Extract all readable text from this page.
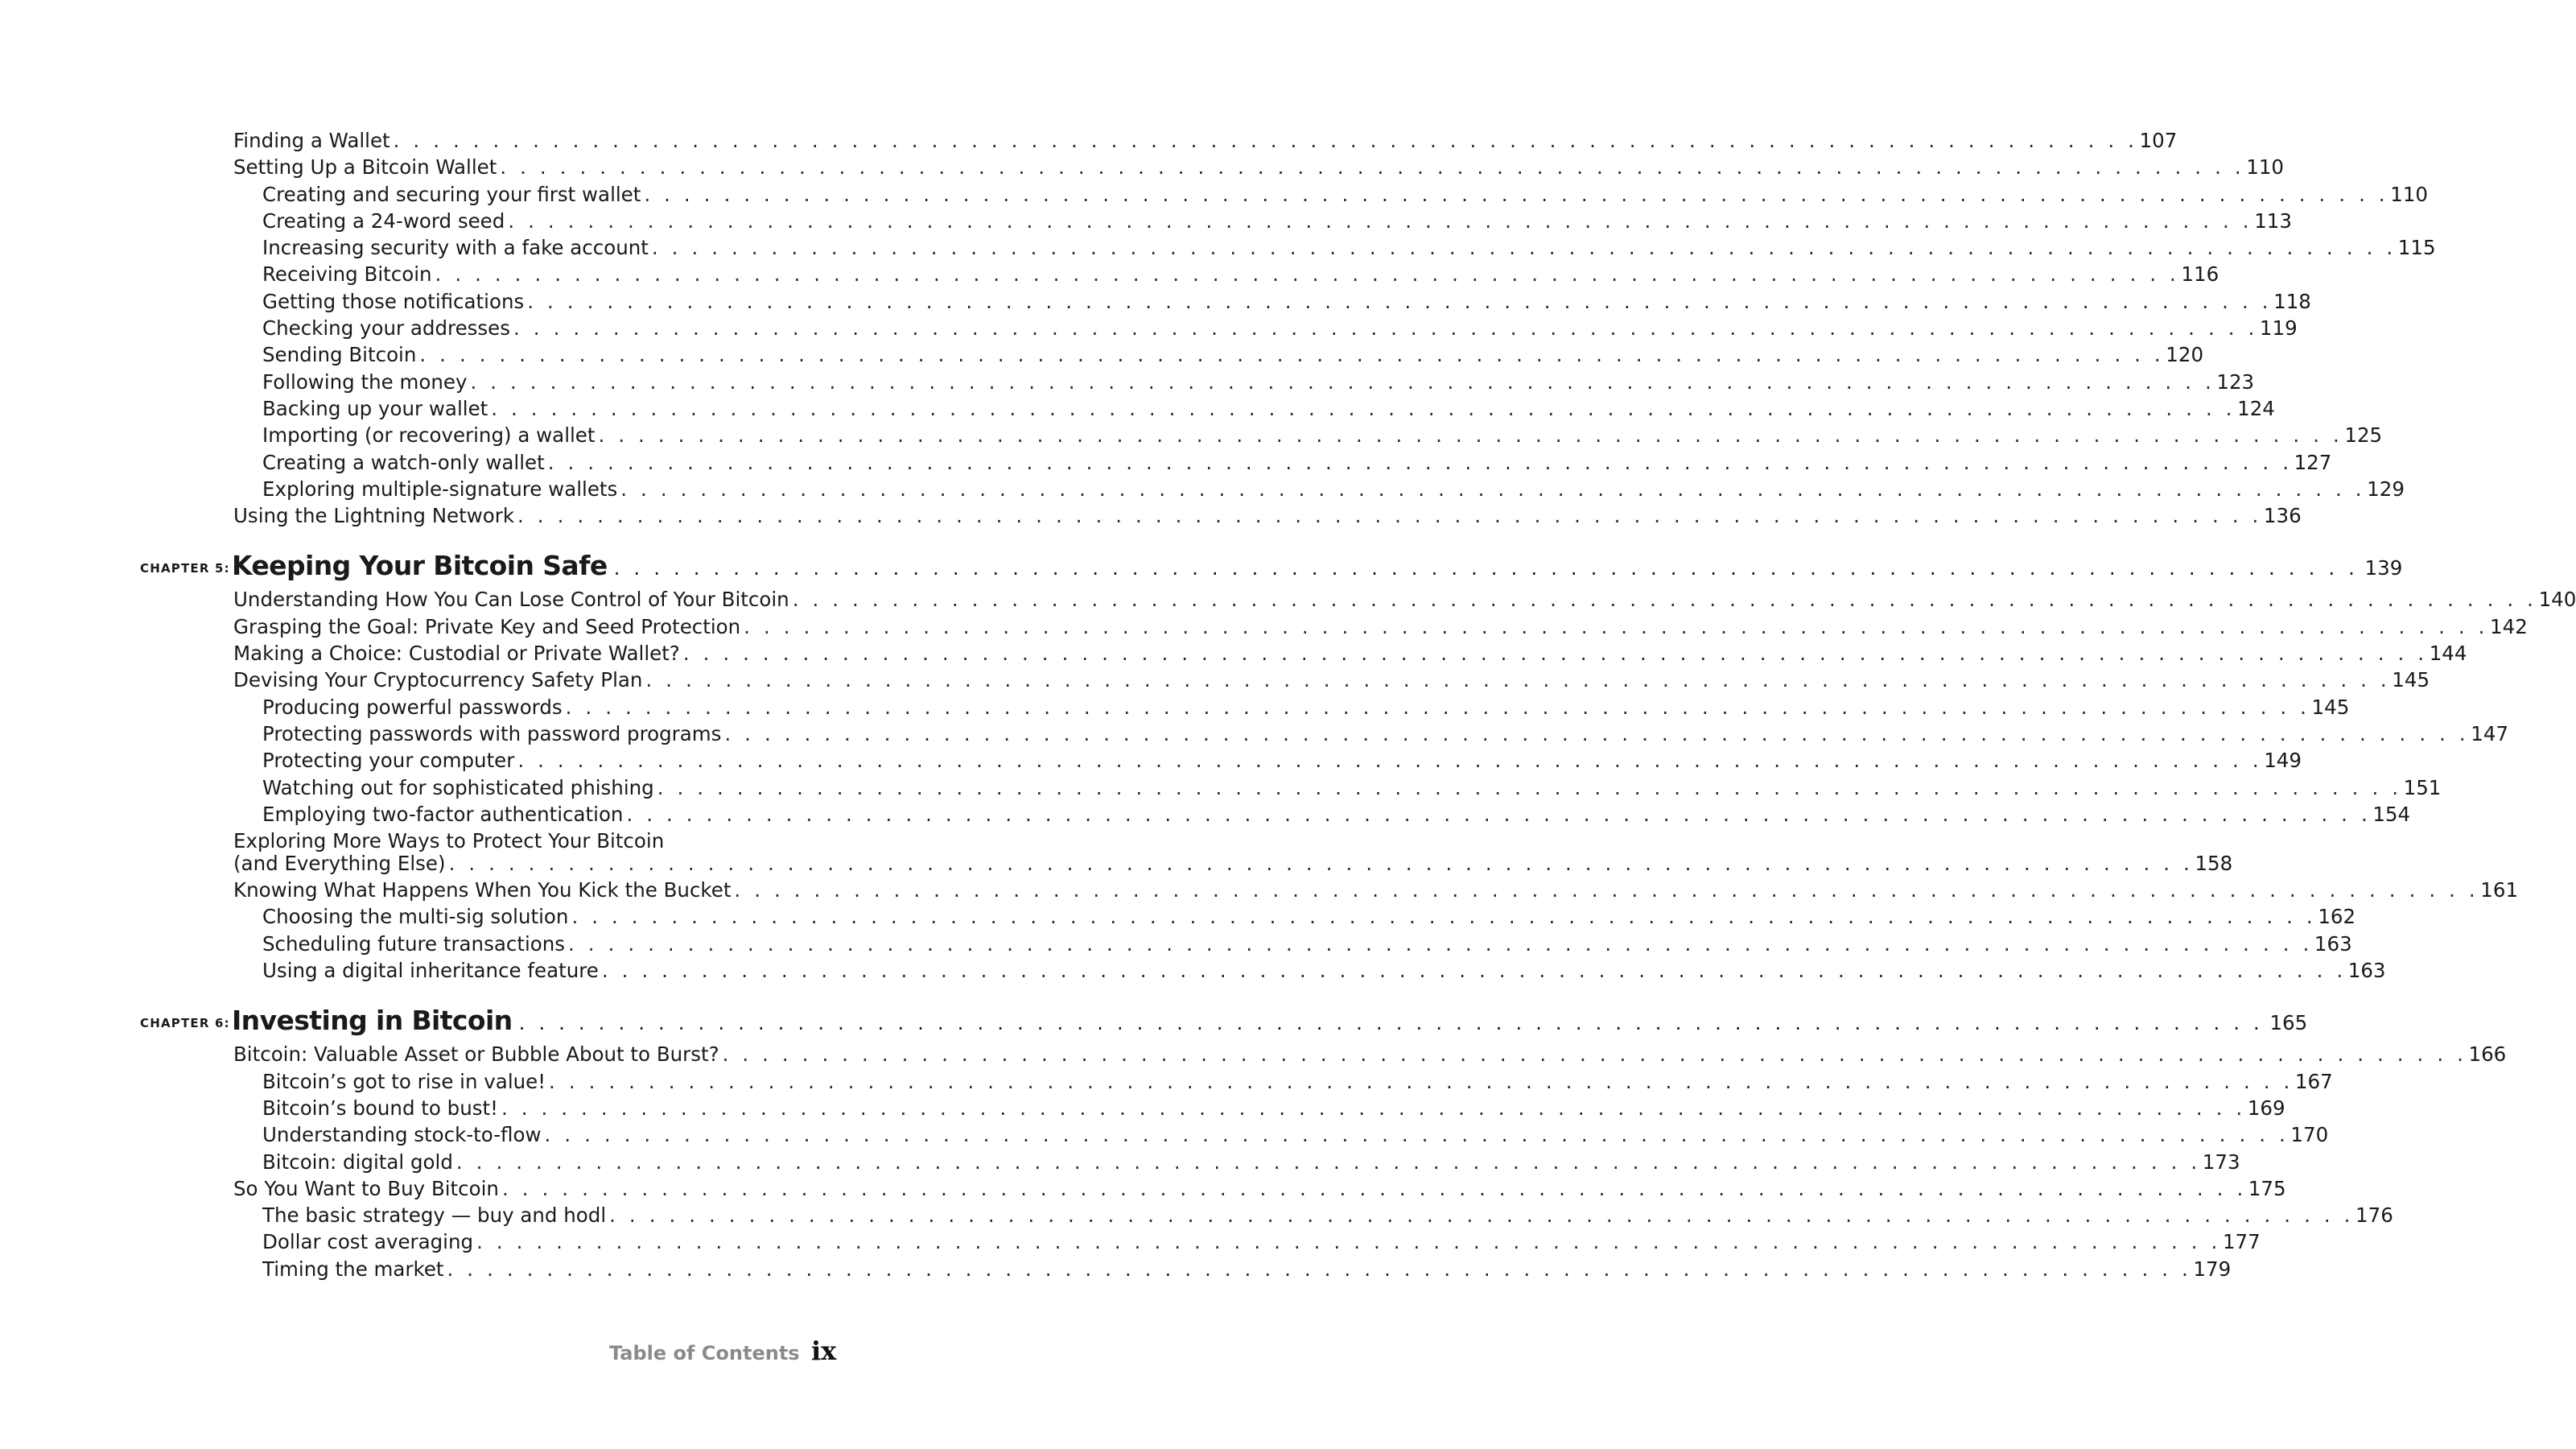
Finding a Wallet . . . . . . . . . . . . . . . . . . . . . . . . . . . . . . . . . . . . . . . . . . . . . . . . . . . . . . . . . . . . . . . . . . . . . . . . . . . . . . . . . . . . . . . . 107
Setting Up a Bitcoin Wallet . . . . . . . . . . . . . . . . . . . . . . . . . . . . . . . . . . . . . . . . . . . . . . . . . . . . . . . . . . . . . . . . . . . . . . . . . . . . . . . . . . . . . . . . 110
Creating and securing your first wallet . . . . . . . . . . . . . . . . . . . . . . . . . . . . . . . . . . . . . . . . . . . . . . . . . . . . . . . . . . . . . . . . . . . . . . . . . . . . . . . . . . . . . . . . 110
Creating a 24-word seed . . . . . . . . . . . . . . . . . . . . . . . . . . . . . . . . . . . . . . . . . . . . . . . . . . . . . . . . . . . . . . . . . . . . . . . . . . . . . . . . . . . . . . . . 113
Increasing security with a fake account . . . . . . . . . . . . . . . . . . . . . . . . . . . . . . . . . . . . . . . . . . . . . . . . . . . . . . . . . . . . . . . . . . . . . . . . . . . . . . . . . . . . . . . . 115
Receiving Bitcoin . . . . . . . . . . . . . . . . . . . . . . . . . . . . . . . . . . . . . . . . . . . . . . . . . . . . . . . . . . . . . . . . . . . . . . . . . . . . . . . . . . . . . . . . 116
Getting those notifications . . . . . . . . . . . . . . . . . . . . . . . . . . . . . . . . . . . . . . . . . . . . . . . . . . . . . . . . . . . . . . . . . . . . . . . . . . . . . . . . . . . . . . . . 118
Checking your addresses . . . . . . . . . . . . . . . . . . . . . . . . . . . . . . . . . . . . . . . . . . . . . . . . . . . . . . . . . . . . . . . . . . . . . . . . . . . . . . . . . . . . . . . . 119
Sending Bitcoin . . . . . . . . . . . . . . . . . . . . . . . . . . . . . . . . . . . . . . . . . . . . . . . . . . . . . . . . . . . . . . . . . . . . . . . . . . . . . . . . . . . . . . . . 120
Following the money . . . . . . . . . . . . . . . . . . . . . . . . . . . . . . . . . . . . . . . . . . . . . . . . . . . . . . . . . . . . . . . . . . . . . . . . . . . . . . . . . . . . . . . . 123
Backing up your wallet . . . . . . . . . . . . . . . . . . . . . . . . . . . . . . . . . . . . . . . . . . . . . . . . . . . . . . . . . . . . . . . . . . . . . . . . . . . . . . . . . . . . . . . . 124
Importing (or recovering) a wallet . . . . . . . . . . . . . . . . . . . . . . . . . . . . . . . . . . . . . . . . . . . . . . . . . . . . . . . . . . . . . . . . . . . . . . . . . . . . . . . . . . . . . . . . 125
Creating a watch-only wallet . . . . . . . . . . . . . . . . . . . . . . . . . . . . . . . . . . . . . . . . . . . . . . . . . . . . . . . . . . . . . . . . . . . . . . . . . . . . . . . . . . . . . . . . 127
Exploring multiple-signature wallets . . . . . . . . . . . . . . . . . . . . . . . . . . . . . . . . . . . . . . . . . . . . . . . . . . . . . . . . . . . . . . . . . . . . . . . . . . . . . . . . . . . . . . . . 129
Using the Lightning Network . . . . . . . . . . . . . . . . . . . . . . . . . . . . . . . . . . . . . . . . . . . . . . . . . . . . . . . . . . . . . . . . . . . . . . . . . . . . . . . . . . . . . . . . 136
CHAPTER 5: Keeping Your Bitcoin Safe . . . . . . . . . . . . . . . . . . . . . . . . . . . . . . . . . . . . . . . . . . . . . . . . . . . . . . . . . . . . . . . . . . . . . . . . . . . . . . . . . . . . . . . . 139
Understanding How You Can Lose Control of Your Bitcoin . . . . . . . . . . . . . . . . . . . . . . . . . . . . . . . . . . . . . . . . . . . . . . . . . . . . . . . . . . . . . . . . . . . . . . . . . . . . . . . . . . . . . . . . 140
Grasping the Goal: Private Key and Seed Protection . . . . . . . . . . . . . . . . . . . . . . . . . . . . . . . . . . . . . . . . . . . . . . . . . . . . . . . . . . . . . . . . . . . . . . . . . . . . . . . . . . . . . . . . 142
Making a Choice: Custodial or Private Wallet? . . . . . . . . . . . . . . . . . . . . . . . . . . . . . . . . . . . . . . . . . . . . . . . . . . . . . . . . . . . . . . . . . . . . . . . . . . . . . . . . . . . . . . . . 144
Devising Your Cryptocurrency Safety Plan . . . . . . . . . . . . . . . . . . . . . . . . . . . . . . . . . . . . . . . . . . . . . . . . . . . . . . . . . . . . . . . . . . . . . . . . . . . . . . . . . . . . . . . . 145
Producing powerful passwords . . . . . . . . . . . . . . . . . . . . . . . . . . . . . . . . . . . . . . . . . . . . . . . . . . . . . . . . . . . . . . . . . . . . . . . . . . . . . . . . . . . . . . . . 145
Protecting passwords with password programs . . . . . . . . . . . . . . . . . . . . . . . . . . . . . . . . . . . . . . . . . . . . . . . . . . . . . . . . . . . . . . . . . . . . . . . . . . . . . . . . . . . . . . . . 147
Protecting your computer . . . . . . . . . . . . . . . . . . . . . . . . . . . . . . . . . . . . . . . . . . . . . . . . . . . . . . . . . . . . . . . . . . . . . . . . . . . . . . . . . . . . . . . . 149
Watching out for sophisticated phishing . . . . . . . . . . . . . . . . . . . . . . . . . . . . . . . . . . . . . . . . . . . . . . . . . . . . . . . . . . . . . . . . . . . . . . . . . . . . . . . . . . . . . . . . 151
Employing two-factor authentication . . . . . . . . . . . . . . . . . . . . . . . . . . . . . . . . . . . . . . . . . . . . . . . . . . . . . . . . . . . . . . . . . . . . . . . . . . . . . . . . . . . . . . . . 154
Exploring More Ways to Protect Your Bitcoin
(and Everything Else) . . . . . . . . . . . . . . . . . . . . . . . . . . . . . . . . . . . . . . . . . . . . . . . . . . . . . . . . . . . . . . . . . . . . . . . . . . . . . . . . . . . . . . . . 158
Knowing What Happens When You Kick the Bucket . . . . . . . . . . . . . . . . . . . . . . . . . . . . . . . . . . . . . . . . . . . . . . . . . . . . . . . . . . . . . . . . . . . . . . . . . . . . . . . . . . . . . . . . 161
Choosing the multi-sig solution . . . . . . . . . . . . . . . . . . . . . . . . . . . . . . . . . . . . . . . . . . . . . . . . . . . . . . . . . . . . . . . . . . . . . . . . . . . . . . . . . . . . . . . . 162
Scheduling future transactions . . . . . . . . . . . . . . . . . . . . . . . . . . . . . . . . . . . . . . . . . . . . . . . . . . . . . . . . . . . . . . . . . . . . . . . . . . . . . . . . . . . . . . . . 163
Using a digital inheritance feature . . . . . . . . . . . . . . . . . . . . . . . . . . . . . . . . . . . . . . . . . . . . . . . . . . . . . . . . . . . . . . . . . . . . . . . . . . . . . . . . . . . . . . . . 163
CHAPTER 6: Investing in Bitcoin . . . . . . . . . . . . . . . . . . . . . . . . . . . . . . . . . . . . . . . . . . . . . . . . . . . . . . . . . . . . . . . . . . . . . . . . . . . . . . . . . . . . . . . . 165
Bitcoin: Valuable Asset or Bubble About to Burst? . . . . . . . . . . . . . . . . . . . . . . . . . . . . . . . . . . . . . . . . . . . . . . . . . . . . . . . . . . . . . . . . . . . . . . . . . . . . . . . . . . . . . . . . 166
Bitcoin’s got to rise in value! . . . . . . . . . . . . . . . . . . . . . . . . . . . . . . . . . . . . . . . . . . . . . . . . . . . . . . . . . . . . . . . . . . . . . . . . . . . . . . . . . . . . . . . . 167
Bitcoin’s bound to bust! . . . . . . . . . . . . . . . . . . . . . . . . . . . . . . . . . . . . . . . . . . . . . . . . . . . . . . . . . . . . . . . . . . . . . . . . . . . . . . . . . . . . . . . . 169
Understanding stock-to-flow . . . . . . . . . . . . . . . . . . . . . . . . . . . . . . . . . . . . . . . . . . . . . . . . . . . . . . . . . . . . . . . . . . . . . . . . . . . . . . . . . . . . . . . . 170
Bitcoin: digital gold . . . . . . . . . . . . . . . . . . . . . . . . . . . . . . . . . . . . . . . . . . . . . . . . . . . . . . . . . . . . . . . . . . . . . . . . . . . . . . . . . . . . . . . . 173
So You Want to Buy Bitcoin . . . . . . . . . . . . . . . . . . . . . . . . . . . . . . . . . . . . . . . . . . . . . . . . . . . . . . . . . . . . . . . . . . . . . . . . . . . . . . . . . . . . . . . . 175
The basic strategy — buy and hodl . . . . . . . . . . . . . . . . . . . . . . . . . . . . . . . . . . . . . . . . . . . . . . . . . . . . . . . . . . . . . . . . . . . . . . . . . . . . . . . . . . . . . . . . 176
Dollar cost averaging . . . . . . . . . . . . . . . . . . . . . . . . . . . . . . . . . . . . . . . . . . . . . . . . . . . . . . . . . . . . . . . . . . . . . . . . . . . . . . . . . . . . . . . . 177
Timing the market . . . . . . . . . . . . . . . . . . . . . . . . . . . . . . . . . . . . . . . . . . . . . . . . . . . . . . . . . . . . . . . . . . . . . . . . . . . . . . . . . . . . . . . . 179
Table of Contents ix
